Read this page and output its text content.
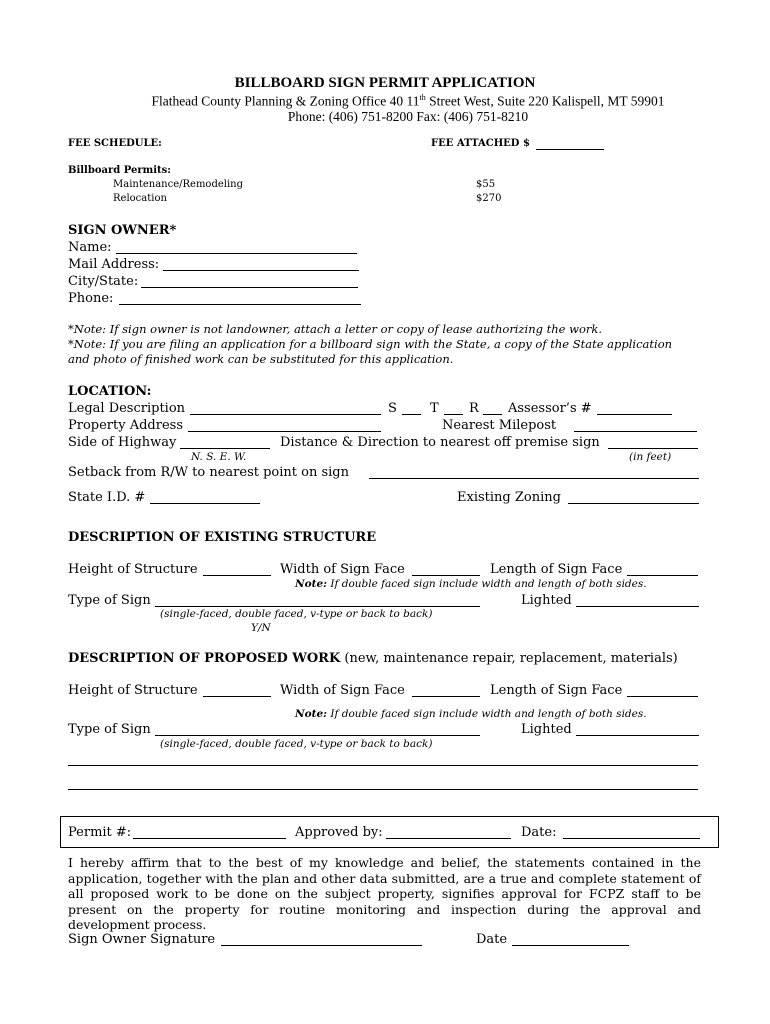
BILLBOARD SIGN PERMIT APPLICATION
Flathead County Planning & Zoning Office 40 11th Street West, Suite 220 Kalispell, MT 59901
Phone: (406) 751-8200 Fax: (406) 751-8210
FEE SCHEDULE:	FEE ATTACHED $
Billboard Permits:
Maintenance/Remodeling	$55
Relocation	$270
SIGN OWNER*
Name:
Mail Address:
City/State:
Phone:
*Note: If sign owner is not landowner, attach a letter or copy of lease authorizing the work.
*Note: If you are filing an application for a billboard sign with the State, a copy of the State application
and photo of finished work can be substituted for this application.
LOCATION:
Legal Description	S	T R Assessor’s #
Property Address	Nearest Milepost
Side of Highway	Distance & Direction to nearest off premise sign
N. S. E. W.	(in feet)
Setback from R/W to nearest point on sign
State I.D. #	Existing Zoning
DESCRIPTION OF EXISTING STRUCTURE
Height of Structure	Width of Sign Face	Length of Sign Face
Note: If double faced sign include width and length of both sides.
Type of Sign	Lighted
(single-faced, double faced, v-type or back to back)
Y/N
DESCRIPTION OF PROPOSED WORK (new, maintenance repair, replacement, materials)
Height of Structure	Width of Sign Face	Length of Sign Face
Note: If double faced sign include width and length of both sides.
Type of Sign	Lighted
(single-faced, double faced, v-type or back to back)
Permit #:	Approved by:	Date:
I hereby affirm that to the best of my knowledge and belief, the statements contained in the application, together with the plan and other data submitted, are a true and complete statement of all proposed work to be done on the subject property, signifies approval for FCPZ staff to be present on the property for routine monitoring and inspection during the approval and development process.
Sign Owner Signature	Date
